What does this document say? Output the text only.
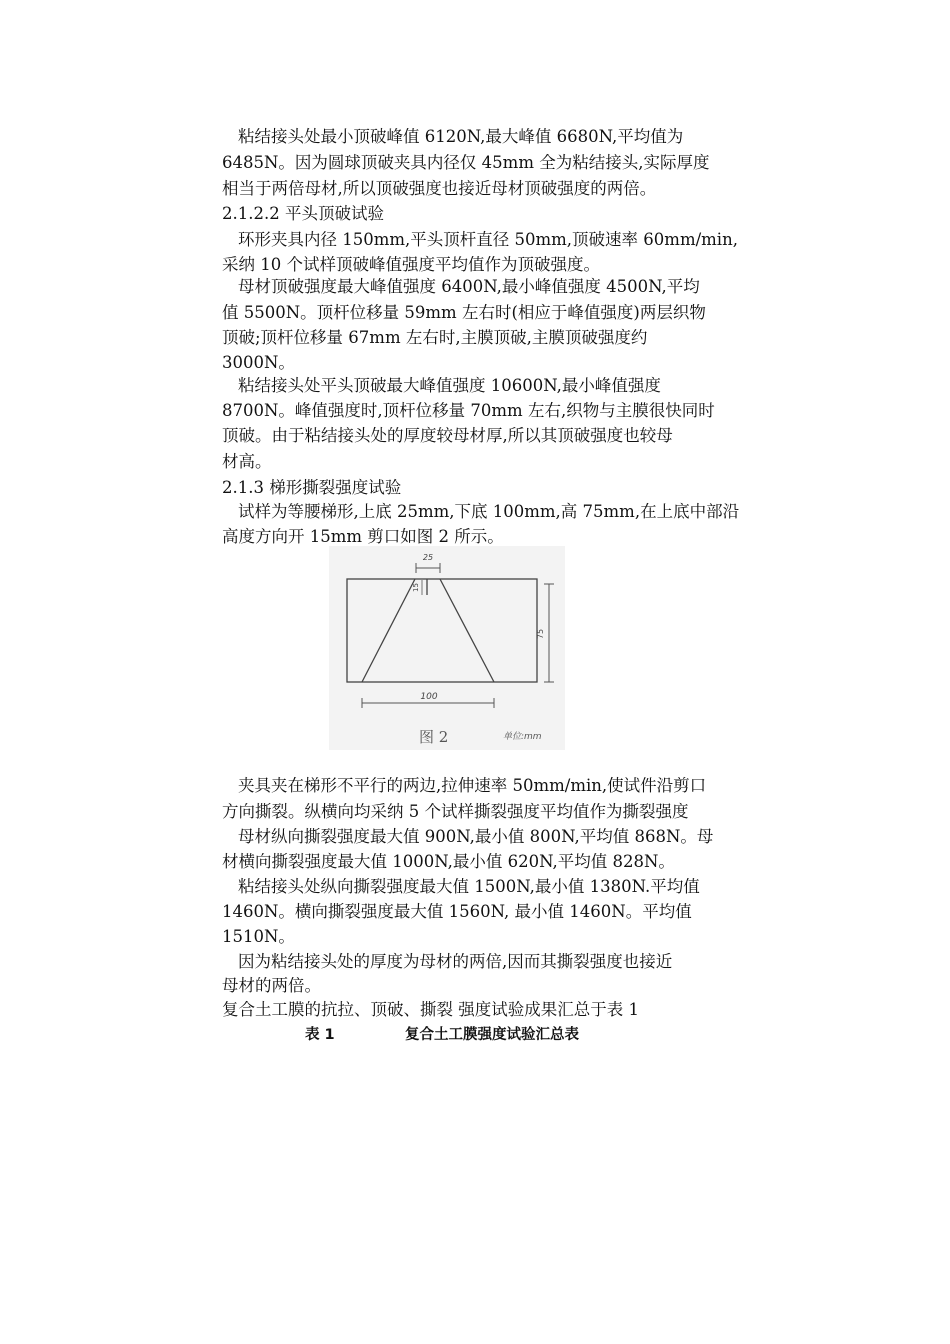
粘结接头处最小顶破峰值 6120N,最大峰值 6680N,平均值为

6485N。因为圆球顶破夹具内径仅 45mm 全为粘结接头,实际厚度

相当于两倍母材,所以顶破强度也接近母材顶破强度的两倍。

2.1.2.2 平头顶破试验

环形夹具内径 150mm,平头顶杆直径 50mm,顶破速率 60mm/min,

采纳 10 个试样顶破峰值强度平均值作为顶破强度。

母材顶破强度最大峰值强度 6400N,最小峰值强度 4500N,平均

值 5500N。顶杆位移量 59mm 左右时(相应于峰值强度)两层织物

顶破;顶杆位移量 67mm 左右时,主膜顶破,主膜顶破强度约

3000N。

粘结接头处平头顶破最大峰值强度 10600N,最小峰值强度

8700N。峰值强度时,顶杆位移量 70mm 左右,织物与主膜很快同时

顶破。由于粘结接头处的厚度较母材厚,所以其顶破强度也较母

材高。

2.1.3 梯形撕裂强度试验

试样为等腰梯形,上底 25mm,下底 100mm,高 75mm,在上底中部沿

高度方向开 15mm 剪口如图 2 所示。

25
15
75
100
图 2	单位:mm

夹具夹在梯形不平行的两边,拉伸速率 50mm/min,使试件沿剪口

方向撕裂。纵横向均采纳 5 个试样撕裂强度平均值作为撕裂强度

母材纵向撕裂强度最大值 900N,最小值 800N,平均值 868N。母

材横向撕裂强度最大值 1000N,最小值 620N,平均值 828N。

粘结接头处纵向撕裂强度最大值 1500N,最小值 1380N.平均值

1460N。横向撕裂强度最大值 1560N, 最小值 1460N。平均值

1510N。

因为粘结接头处的厚度为母材的两倍,因而其撕裂强度也接近

母材的两倍。

复合土工膜的抗拉、顶破、撕裂 强度试验成果汇总于表 1

表 1	复合土工膜强度试验汇总表
